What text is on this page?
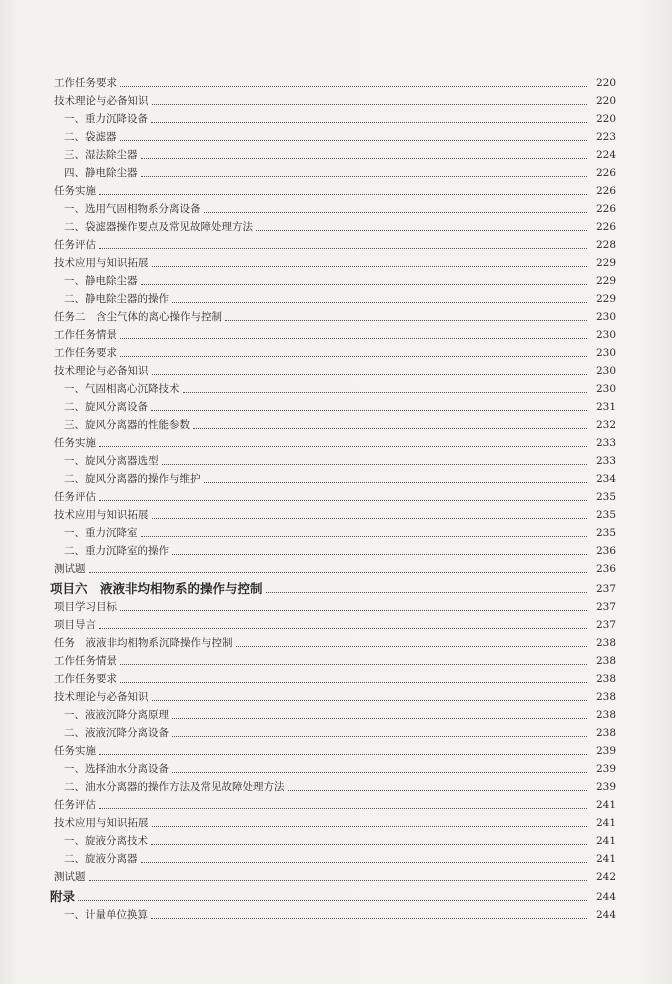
工作任务要求	220
技术理论与必备知识	220
一、重力沉降设备	220
二、袋滤器	223
三、湿法除尘器	224
四、静电除尘器	226
任务实施	226
一、选用气固相物系分离设备	226
二、袋滤器操作要点及常见故障处理方法	226
任务评估	228
技术应用与知识拓展	229
一、静电除尘器	229
二、静电除尘器的操作	229
任务二　含尘气体的离心操作与控制	230
工作任务情景	230
工作任务要求	230
技术理论与必备知识	230
一、气固相离心沉降技术	230
二、旋风分离设备	231
三、旋风分离器的性能参数	232
任务实施	233
一、旋风分离器选型	233
二、旋风分离器的操作与维护	234
任务评估	235
技术应用与知识拓展	235
一、重力沉降室	235
二、重力沉降室的操作	236
测试题	236
项目六　液液非均相物系的操作与控制	237
项目学习目标	237
项目导言	237
任务　液液非均相物系沉降操作与控制	238
工作任务情景	238
工作任务要求	238
技术理论与必备知识	238
一、液液沉降分离原理	238
二、液液沉降分离设备	238
任务实施	239
一、选择油水分离设备	239
二、油水分离器的操作方法及常见故障处理方法	239
任务评估	241
技术应用与知识拓展	241
一、旋液分离技术	241
二、旋液分离器	241
测试题	242
附录	244
一、计量单位换算	244
